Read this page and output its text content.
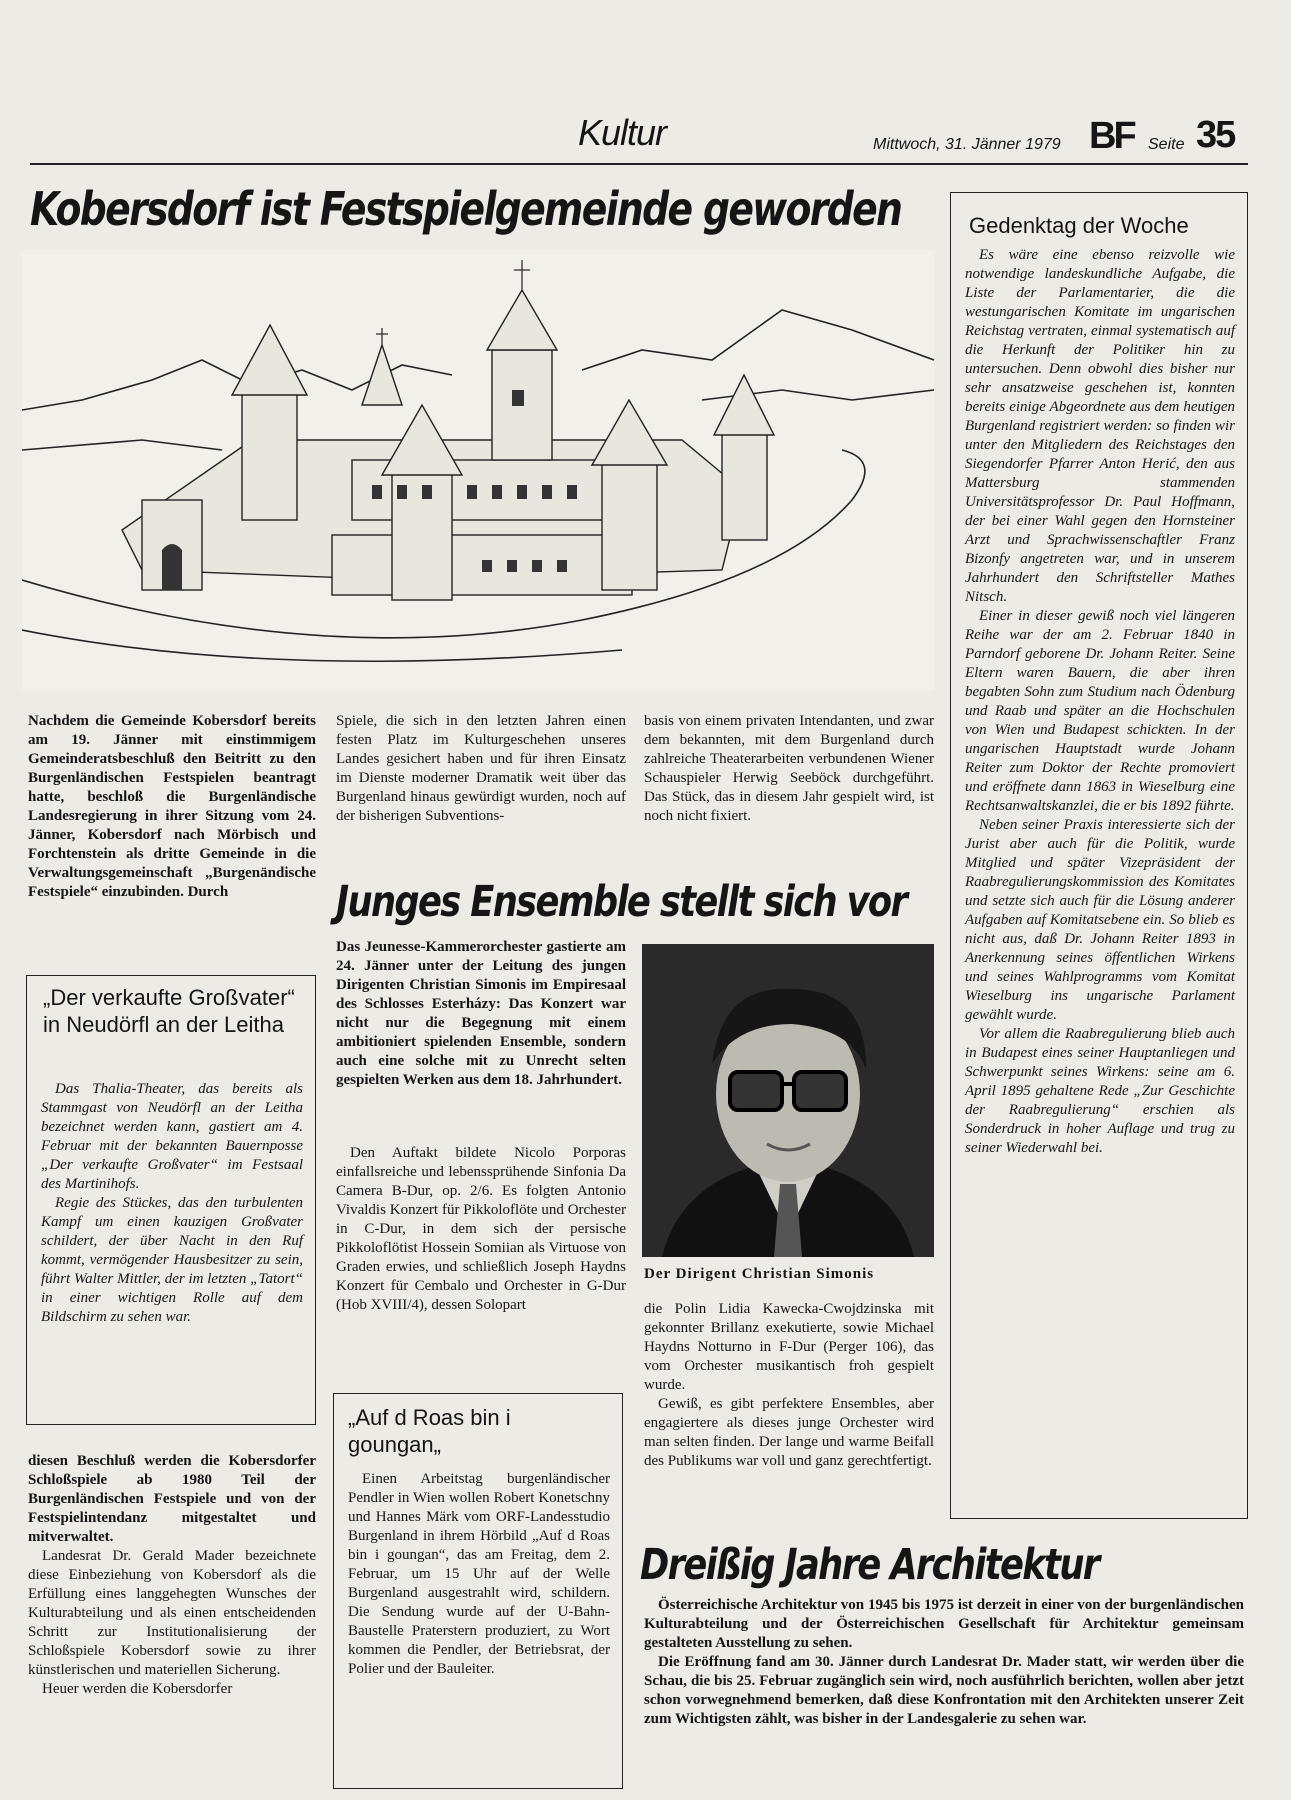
Kultur	Mittwoch, 31. Jänner 1979 BF Seite 35
Kobersdorf ist Festspielgemeinde geworden
Nachdem die Gemeinde Kobersdorf bereits am 19. Jänner mit einstimmigem Gemeinderatsbeschluß den Beitritt zu den Burgenländischen Festspielen beantragt hatte, beschloß die Burgenländische Landesregierung in ihrer Sitzung vom 24. Jänner, Kobersdorf nach Mörbisch und Forchtenstein als dritte Gemeinde in die Verwaltungsgemeinschaft „Burgenändische Festspiele“ einzubinden. Durch
Spiele, die sich in den letzten Jahren einen festen Platz im Kulturgeschehen unseres Landes gesichert haben und für ihren Einsatz im Dienste moderner Dramatik weit über das Burgenland hinaus gewürdigt wurden, noch auf der bisherigen Subventions-
basis von einem privaten Intendanten, und zwar dem bekannten, mit dem Burgenland durch zahlreiche Theaterarbeiten verbundenen Wiener Schauspieler Herwig Seeböck durchgeführt. Das Stück, das in diesem Jahr gespielt wird, ist noch nicht fixiert.
„Der verkaufte Großvater“ in Neudörfl an der Leitha

Das Thalia-Theater, das bereits als Stammgast von Neudörfl an der Leitha bezeichnet werden kann, gastiert am 4. Februar mit der bekannten Bauernposse „Der verkaufte Großvater“ im Festsaal des Martinihofs.

Regie des Stückes, das den turbulenten Kampf um einen kauzigen Großvater schildert, der über Nacht in den Ruf kommt, vermögender Hausbesitzer zu sein, führt Walter Mittler, der im letzten „Tatort“ in einer wichtigen Rolle auf dem Bildschirm zu sehen war.

diesen Beschluß werden die Kobersdorfer Schloßspiele ab 1980 Teil der Burgenländischen Festspiele und von der Festspielintendanz mitgestaltet und mitverwaltet.

Landesrat Dr. Gerald Mader bezeichnete diese Einbeziehung von Kobersdorf als die Erfüllung eines langgehegten Wunsches der Kulturabteilung und als einen entscheidenden Schritt zur Institutionalisierung der Schloßspiele Kobersdorf sowie zu ihrer künstlerischen und materiellen Sicherung.

Heuer werden die Kobersdorfer

Junges Ensemble stellt sich vor
Das Jeunesse-Kammerorchester gastierte am 24. Jänner unter der Leitung des jungen Dirigenten Christian Simonis im Empiresaal des Schlosses Esterházy: Das Konzert war nicht nur die Begegnung mit einem ambitioniert spielenden Ensemble, sondern auch eine solche mit zu Unrecht selten gespielten Werken aus dem 18. Jahrhundert.
Den Auftakt bildete Nicolo Porporas einfallsreiche und lebenssprühende Sinfonia Da Camera B-Dur, op. 2/6. Es folgten Antonio Vivaldis Konzert für Pikkoloflöte und Orchester in C-Dur, in dem sich der persische Pikkoloflötist Hossein Somiian als Virtuose von Graden erwies, und schließlich Joseph Haydns Konzert für Cembalo und Orchester in G-Dur (Hob XVIII/4), dessen Solopart
Der Dirigent Christian Simonis

die Polin Lidia Kawecka-Cwojdzinska mit gekonnter Brillanz exekutierte, sowie Michael Haydns Notturno in F-Dur (Perger 106), das vom Orchester musikantisch froh gespielt wurde.

Gewiß, es gibt perfektere Ensembles, aber engagiertere als dieses junge Orchester wird man selten finden. Der lange und warme Beifall des Publikums war voll und ganz gerechtfertigt.

„Auf d Roas bin i goungan„
Einen Arbeitstag burgenländischer Pendler in Wien wollen Robert Konetschny und Hannes Märk vom ORF-Landesstudio Burgenland in ihrem Hörbild „Auf d Roas bin i goungan“, das am Freitag, dem 2. Februar, um 15 Uhr auf der Welle Burgenland ausgestrahlt wird, schildern. Die Sendung wurde auf der U-Bahn-Baustelle Praterstern produziert, zu Wort kommen die Pendler, der Betriebsrat, der Polier und der Bauleiter.
Gedenktag der Woche

Es wäre eine ebenso reizvolle wie notwendige landeskundliche Aufgabe, die Liste der Parlamentarier, die die westungarischen Komitate im ungarischen Reichstag vertraten, einmal systematisch auf die Herkunft der Politiker hin zu untersuchen. Denn obwohl dies bisher nur sehr ansatzweise geschehen ist, konnten bereits einige Abgeordnete aus dem heutigen Burgenland registriert werden: so finden wir unter den Mitgliedern des Reichstages den Siegendorfer Pfarrer Anton Herić, den aus Mattersburg stammenden Universitätsprofessor Dr. Paul Hoffmann, der bei einer Wahl gegen den Hornsteiner Arzt und Sprachwissenschaftler Franz Bizonfy angetreten war, und in unserem Jahrhundert den Schriftsteller Mathes Nitsch.

Einer in dieser gewiß noch viel längeren Reihe war der am 2. Februar 1840 in Parndorf geborene Dr. Johann Reiter. Seine Eltern waren Bauern, die aber ihren begabten Sohn zum Studium nach Ödenburg und Raab und später an die Hochschulen von Wien und Budapest schickten. In der ungarischen Hauptstadt wurde Johann Reiter zum Doktor der Rechte promoviert und eröffnete dann 1863 in Wieselburg eine Rechtsanwaltskanzlei, die er bis 1892 führte.

Neben seiner Praxis interessierte sich der Jurist aber auch für die Politik, wurde Mitglied und später Vizepräsident der Raabregulierungskommission des Komitates und setzte sich auch für die Lösung anderer Aufgaben auf Komitatsebene ein. So blieb es nicht aus, daß Dr. Johann Reiter 1893 in Anerkennung seines öffentlichen Wirkens und seines Wahlprogramms vom Komitat Wieselburg ins ungarische Parlament gewählt wurde.

Vor allem die Raabregulierung blieb auch in Budapest eines seiner Hauptanliegen und Schwerpunkt seines Wirkens: seine am 6. April 1895 gehaltene Rede „Zur Geschichte der Raabregulierung“ erschien als Sonderdruck in hoher Auflage und trug zu seiner Wiederwahl bei.

Dreißig Jahre Architektur

Österreichische Architektur von 1945 bis 1975 ist derzeit in einer von der burgenländischen Kulturabteilung und der Österreichischen Gesellschaft für Architektur gemeinsam gestalteten Ausstellung zu sehen.

Die Eröffnung fand am 30. Jänner durch Landesrat Dr. Mader statt, wir werden über die Schau, die bis 25. Februar zugänglich sein wird, noch ausführlich berichten, wollen aber jetzt schon vorwegnehmend bemerken, daß diese Konfrontation mit den Architekten unserer Zeit zum Wichtigsten zählt, was bisher in der Landesgalerie zu sehen war.
